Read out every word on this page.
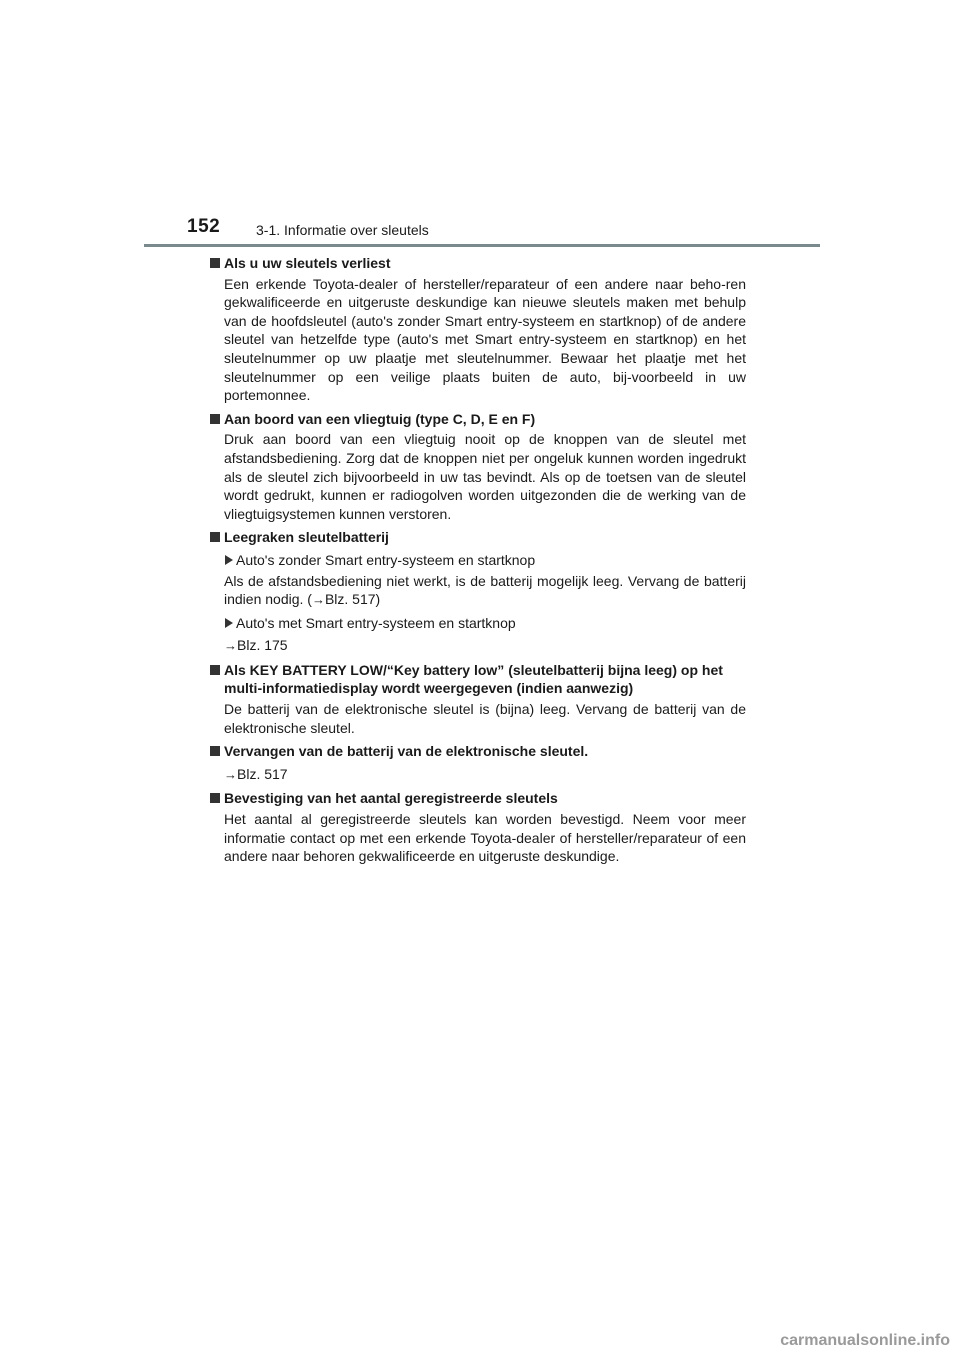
152	3-1. Informatie over sleutels

Als u uw sleutels verliest

Een erkende Toyota-dealer of hersteller/reparateur of een andere naar beho-ren gekwalificeerde en uitgeruste deskundige kan nieuwe sleutels maken met behulp van de hoofdsleutel (auto's zonder Smart entry-systeem en startknop) of de andere sleutel van hetzelfde type (auto's met Smart entry-systeem en startknop) en het sleutelnummer op uw plaatje met sleutelnummer. Bewaar het plaatje met het sleutelnummer op een veilige plaats buiten de auto, bij-voorbeeld in uw portemonnee.

Aan boord van een vliegtuig (type C, D, E en F)

Druk aan boord van een vliegtuig nooit op de knoppen van de sleutel met afstandsbediening. Zorg dat de knoppen niet per ongeluk kunnen worden ingedrukt als de sleutel zich bijvoorbeeld in uw tas bevindt. Als op de toetsen van de sleutel wordt gedrukt, kunnen er radiogolven worden uitgezonden die de werking van de vliegtuigsystemen kunnen verstoren.

Leegraken sleutelbatterij

Auto's zonder Smart entry-systeem en startknop

Als de afstandsbediening niet werkt, is de batterij mogelijk leeg. Vervang de batterij indien nodig. (→Blz. 517)

Auto's met Smart entry-systeem en startknop

→Blz. 175

Als KEY BATTERY LOW/“Key battery low” (sleutelbatterij bijna leeg) op het multi-informatiedisplay wordt weergegeven (indien aanwezig)

De batterij van de elektronische sleutel is (bijna) leeg. Vervang de batterij van de elektronische sleutel.

Vervangen van de batterij van de elektronische sleutel.

→Blz. 517

Bevestiging van het aantal geregistreerde sleutels

Het aantal al geregistreerde sleutels kan worden bevestigd. Neem voor meer informatie contact op met een erkende Toyota-dealer of hersteller/reparateur of een andere naar behoren gekwalificeerde en uitgeruste deskundige.

carmanualsonline.info
